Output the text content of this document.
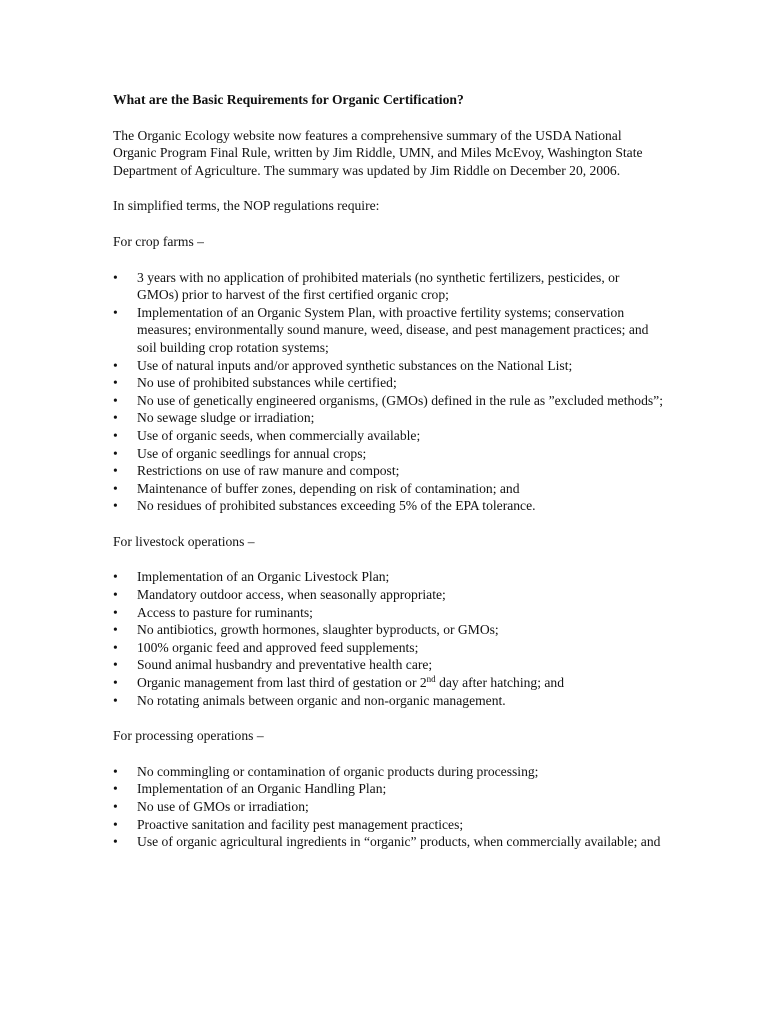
What are the Basic Requirements for Organic Certification?

The Organic Ecology website now features a comprehensive summary of the USDA National Organic Program Final Rule, written by Jim Riddle, UMN, and Miles McEvoy, Washington State Department of Agriculture. The summary was updated by Jim Riddle on December 20, 2006.

In simplified terms, the NOP regulations require:

For crop farms –

• 3 years with no application of prohibited materials (no synthetic fertilizers, pesticides, or GMOs) prior to harvest of the first certified organic crop;
• Implementation of an Organic System Plan, with proactive fertility systems; conservation measures; environmentally sound manure, weed, disease, and pest management practices; and soil building crop rotation systems;
• Use of natural inputs and/or approved synthetic substances on the National List;
• No use of prohibited substances while certified;
• No use of genetically engineered organisms, (GMOs) defined in the rule as ”excluded methods”;
• No sewage sludge or irradiation;
• Use of organic seeds, when commercially available;
• Use of organic seedlings for annual crops;
• Restrictions on use of raw manure and compost;
• Maintenance of buffer zones, depending on risk of contamination; and
• No residues of prohibited substances exceeding 5% of the EPA tolerance.

For livestock operations –

• Implementation of an Organic Livestock Plan;
• Mandatory outdoor access, when seasonally appropriate;
• Access to pasture for ruminants;
• No antibiotics, growth hormones, slaughter byproducts, or GMOs;
• 100% organic feed and approved feed supplements;
• Sound animal husbandry and preventative health care;
• Organic management from last third of gestation or 2nd day after hatching; and
• No rotating animals between organic and non-organic management.

For processing operations –

• No commingling or contamination of organic products during processing;
• Implementation of an Organic Handling Plan;
• No use of GMOs or irradiation;
• Proactive sanitation and facility pest management practices;
• Use of organic agricultural ingredients in “organic” products, when commercially available; and
